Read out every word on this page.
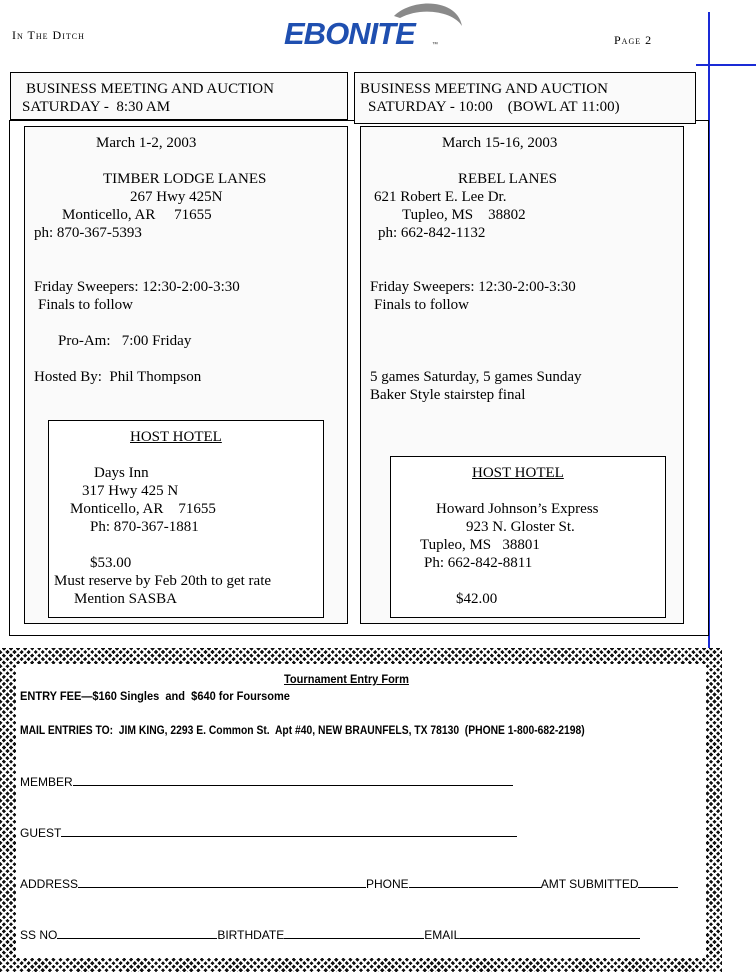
In The Ditch	EBONITE	™	Page 2
BUSINESS MEETING AND AUCTION
SATURDAY -  8:30 AM
BUSINESS MEETING AND AUCTION
SATURDAY - 10:00    (BOWL AT 11:00)
March 1-2, 2003
TIMBER LODGE LANES
267 Hwy 425N
Monticello, AR     71655
ph: 870-367-5393
Friday Sweepers: 12:30-2:00-3:30
Finals to follow
Pro-Am:   7:00 Friday
Hosted By:  Phil Thompson
HOST HOTEL
Days Inn
317 Hwy 425 N
Monticello, AR    71655
Ph: 870-367-1881
$53.00
Must reserve by Feb 20th to get rate
Mention SASBA
March 15-16, 2003
REBEL LANES
621 Robert E. Lee Dr.
Tupleo, MS    38802
ph: 662-842-1132
Friday Sweepers: 12:30-2:00-3:30
Finals to follow
5 games Saturday, 5 games Sunday
Baker Style stairstep final
HOST HOTEL
Howard Johnson’s Express
923 N. Gloster St.
Tupleo, MS   38801
Ph: 662-842-8811
$42.00
Tournament Entry Form
ENTRY FEE—$160 Singles  and  $640 for Foursome
MAIL ENTRIES TO:  JIM KING, 2293 E. Common St.  Apt #40, NEW BRAUNFELS, TX 78130  (PHONE 1-800-682-2198)
MEMBER
GUEST
ADDRESS	PHONE	AMT SUBMITTED
SS NO	BIRTHDATE	EMAIL
